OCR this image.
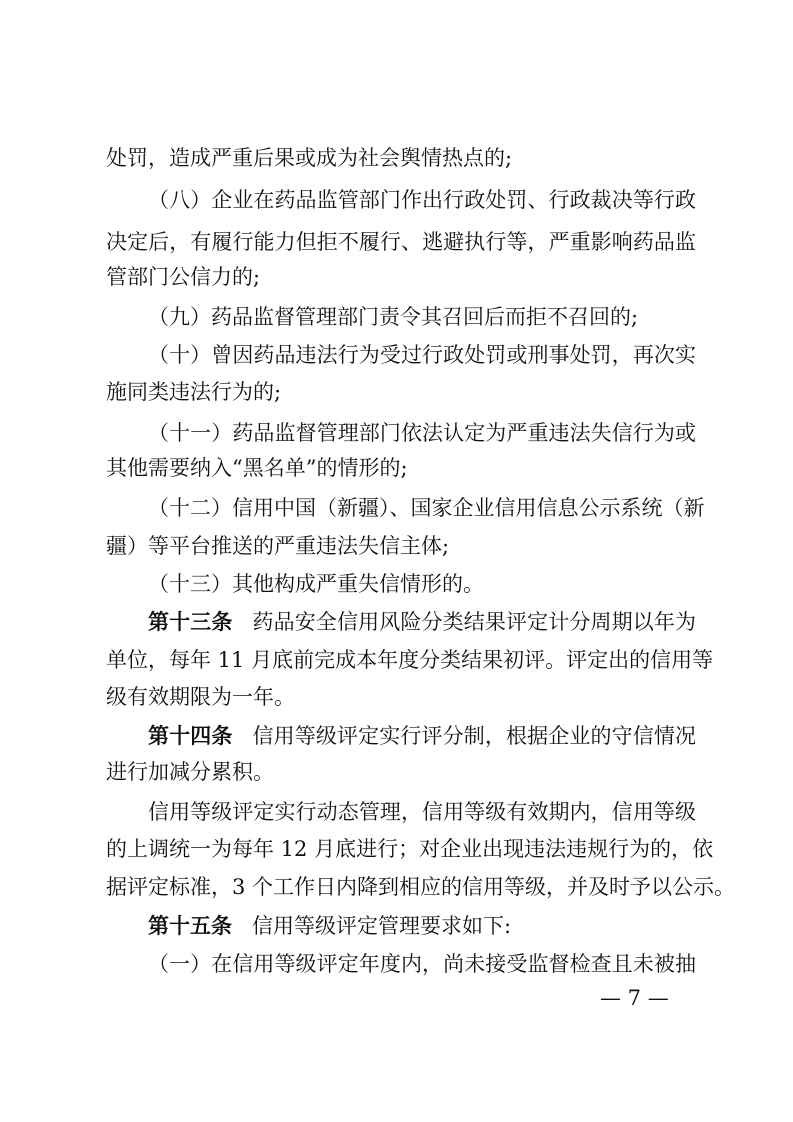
处罚，造成严重后果或成为社会舆情热点的;
（八）企业在药品监管部门作出行政处罚、行政裁决等行政
决定后，有履行能力但拒不履行、逃避执行等，严重影响药品监
管部门公信力的;
（九）药品监督管理部门责令其召回后而拒不召回的;
（十）曾因药品违法行为受过行政处罚或刑事处罚，再次实
施同类违法行为的;
（十一）药品监督管理部门依法认定为严重违法失信行为或
其他需要纳入“黑名单”的情形的;
（十二）信用中国（新疆）、国家企业信用信息公示系统（新
疆）等平台推送的严重违法失信主体;
（十三）其他构成严重失信情形的。
第十三条 药品安全信用风险分类结果评定计分周期以年为
单位，每年 11 月底前完成本年度分类结果初评。评定出的信用等
级有效期限为一年。
第十四条 信用等级评定实行评分制，根据企业的守信情况
进行加减分累积。
信用等级评定实行动态管理，信用等级有效期内，信用等级
的上调统一为每年 12 月底进行；对企业出现违法违规行为的，依
据评定标准，3 个工作日内降到相应的信用等级，并及时予以公示。
第十五条 信用等级评定管理要求如下:
（一）在信用等级评定年度内，尚未接受监督检查且未被抽
— 7 —
